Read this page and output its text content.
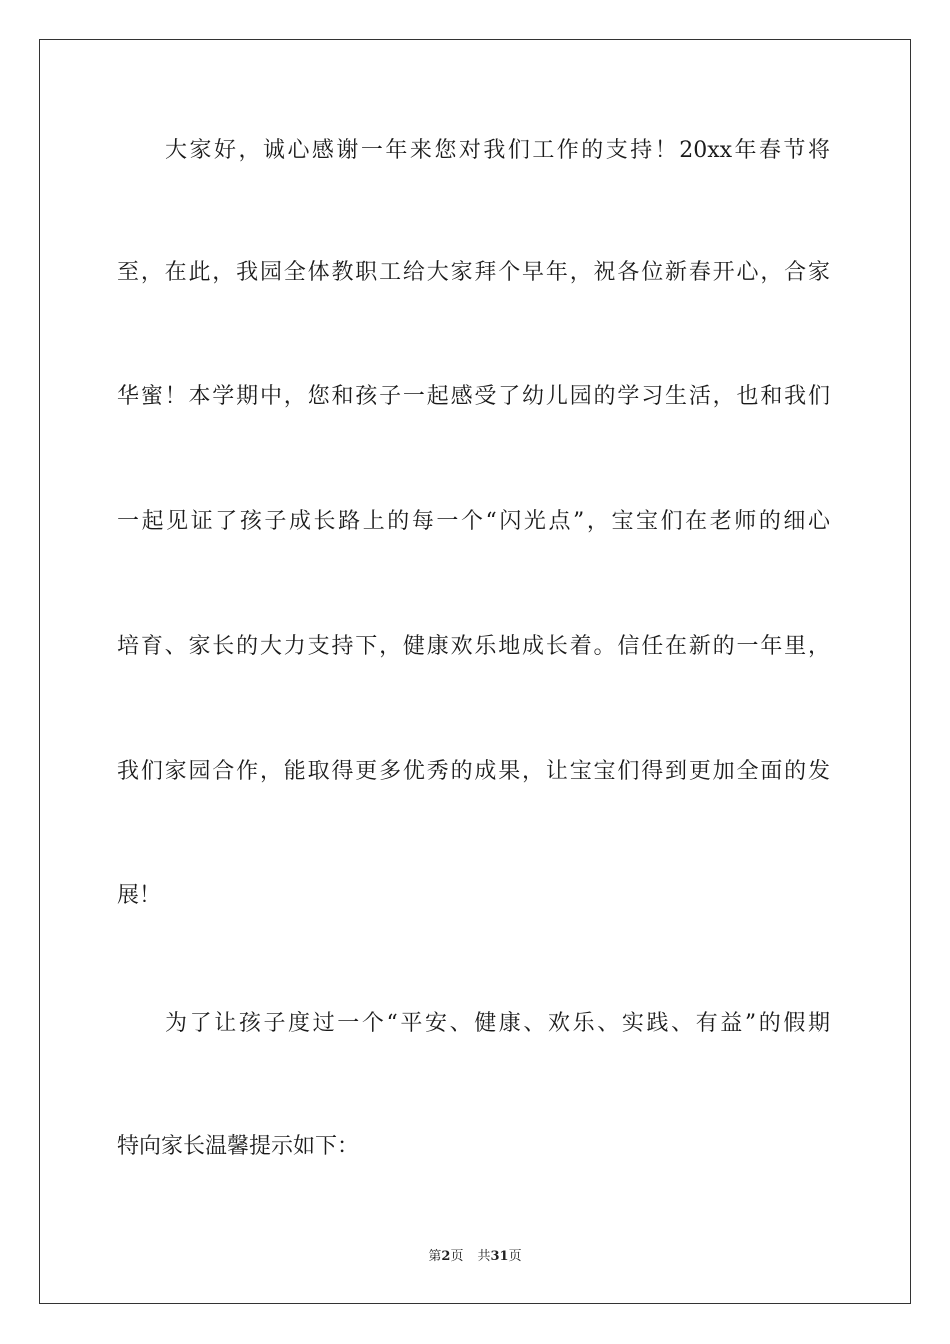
大家好，诚心感谢一年来您对我们工作的支持！20xx年春节将
至，在此，我园全体教职工给大家拜个早年，祝各位新春开心，合家
华蜜！本学期中，您和孩子一起感受了幼儿园的学习生活，也和我们
一起见证了孩子成长路上的每一个“闪光点”，宝宝们在老师的细心
培育、家长的大力支持下，健康欢乐地成长着。信任在新的一年里，
我们家园合作，能取得更多优秀的成果，让宝宝们得到更加全面的发
展！
为了让孩子度过一个“平安、健康、欢乐、实践、有益”的假期
特向家长温馨提示如下：
第2页 共31页
